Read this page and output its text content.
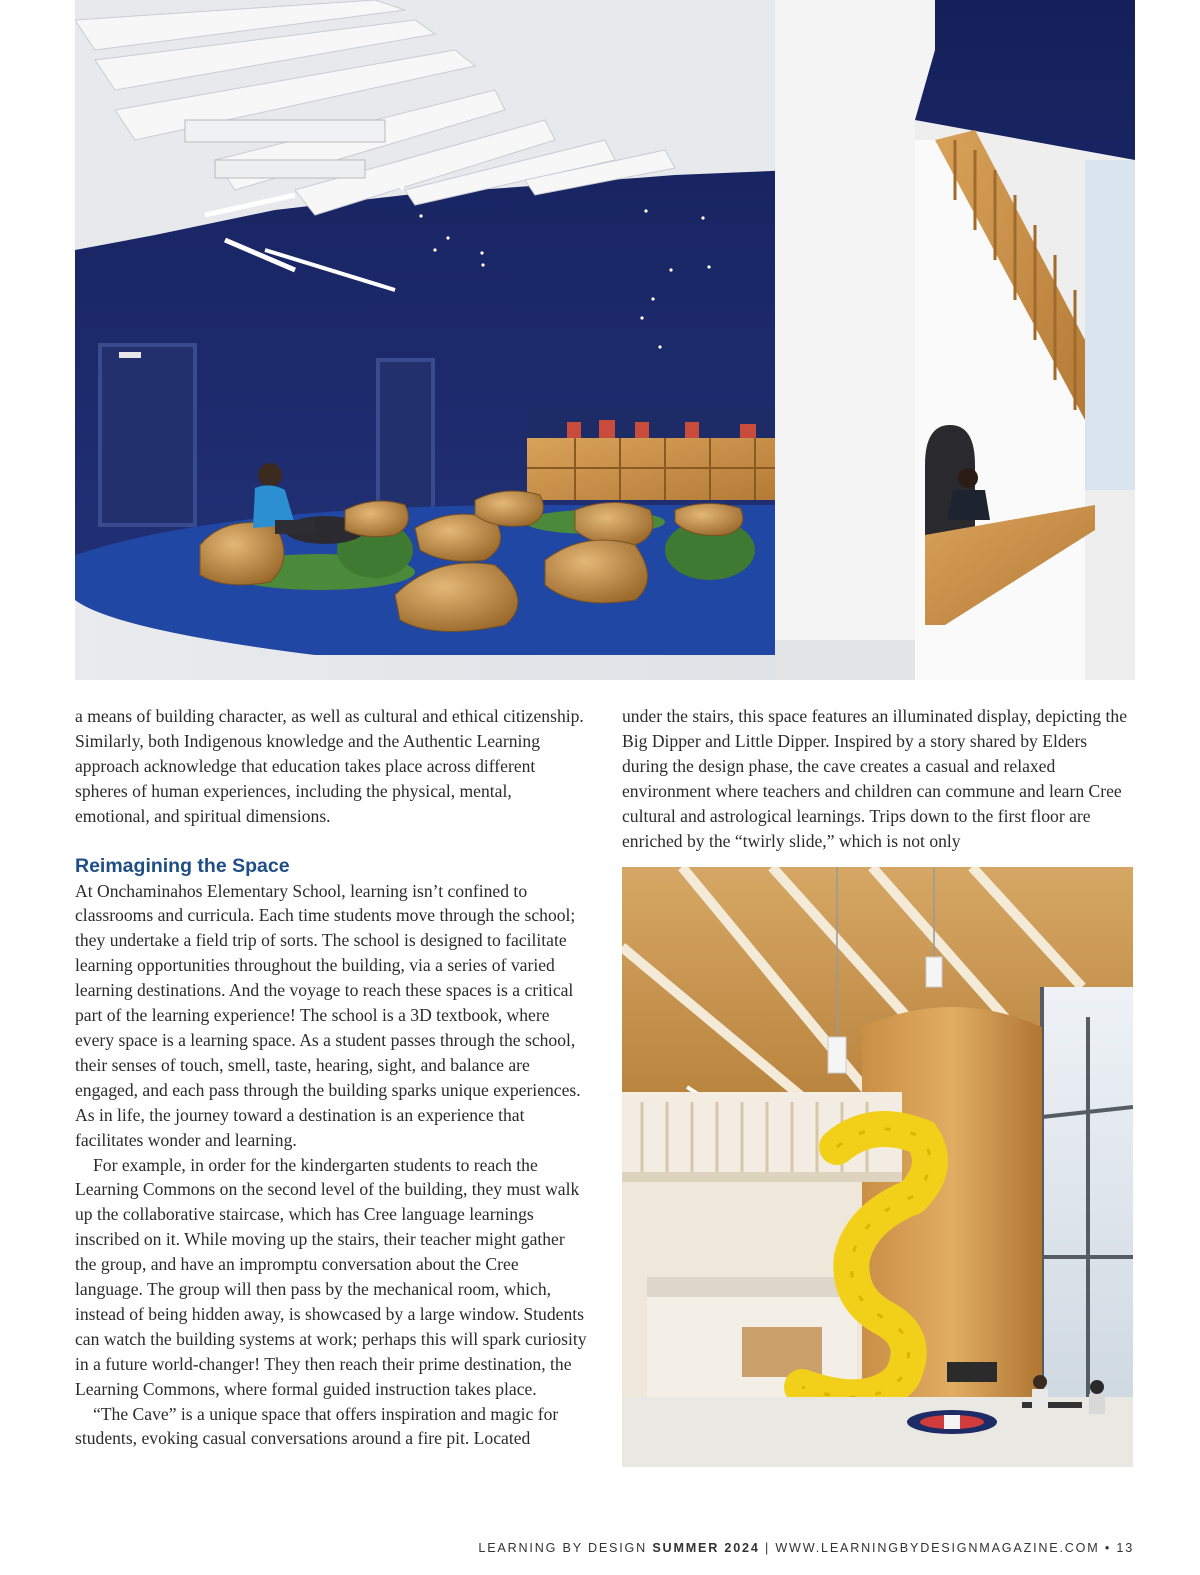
a means of building character, as well as cultural and ethical citizenship. Similarly, both Indigenous knowledge and the Authentic Learning approach acknowledge that education takes place across different spheres of human experiences, including the physical, mental, emotional, and spiritual dimensions.

Reimagining the Space

At Onchaminahos Elementary School, learning isn’t confined to classrooms and curricula. Each time students move through the school; they undertake a field trip of sorts. The school is designed to facilitate learning opportunities throughout the building, via a series of varied learning destinations. And the voyage to reach these spaces is a critical part of the learning experience! The school is a 3D textbook, where every space is a learning space. As a student passes through the school, their senses of touch, smell, taste, hearing, sight, and balance are engaged, and each pass through the building sparks unique experiences. As in life, the journey toward a destination is an experience that facilitates wonder and learning.

For example, in order for the kindergarten students to reach the Learning Commons on the second level of the building, they must walk up the collaborative staircase, which has Cree language learnings inscribed on it. While moving up the stairs, their teacher might gather the group, and have an impromptu conversation about the Cree language. The group will then pass by the mechanical room, which, instead of being hidden away, is showcased by a large window. Students can watch the building systems at work; perhaps this will spark curiosity in a future world-changer! They then reach their prime destination, the Learning Commons, where formal guided instruction takes place.

“The Cave” is a unique space that offers inspiration and magic for students, evoking casual conversations around a fire pit. Located

under the stairs, this space features an illuminated display, depicting the Big Dipper and Little Dipper. Inspired by a story shared by Elders during the design phase, the cave creates a casual and relaxed environment where teachers and children can commune and learn Cree cultural and astrological learnings. Trips down to the first floor are enriched by the “twirly slide,” which is not only

LEARNING BY DESIGN SUMMER 2024 | WWW.LEARNINGBYDESIGNMAGAZINE.COM • 13
